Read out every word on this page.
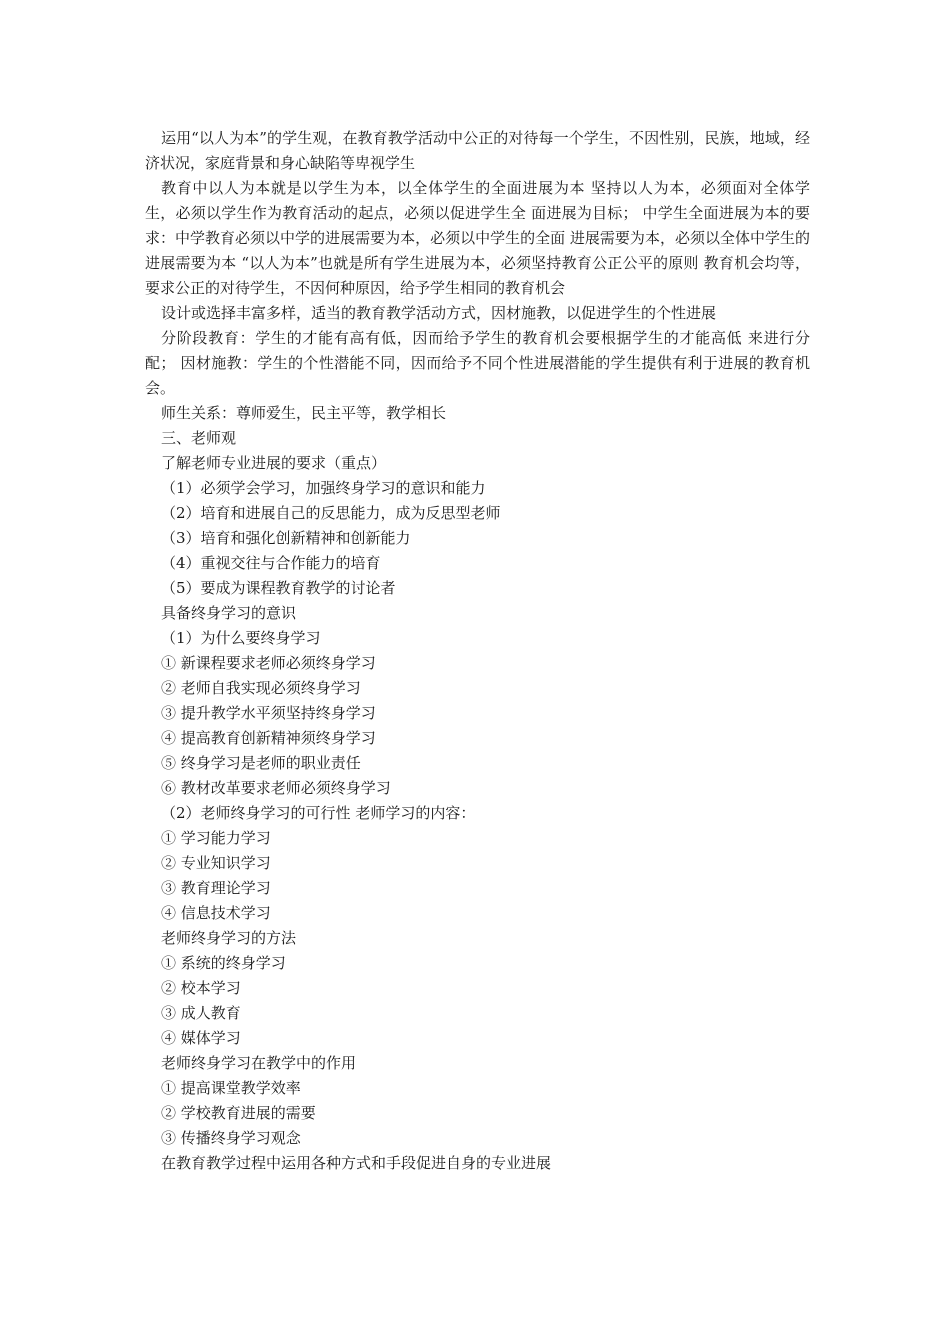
运用“以人为本”的学生观，在教育教学活动中公正的对待每一个学生，不因性别，民族，地域，经济状况，家庭背景和身心缺陷等卑视学生

教育中以人为本就是以学生为本，以全体学生的全面进展为本 坚持以人为本，必须面对全体学生，必须以学生作为教育活动的起点，必须以促进学生全 面进展为目标； 中学生全面进展为本的要求：中学教育必须以中学的进展需要为本，必须以中学生的全面 进展需要为本，必须以全体中学生的进展需要为本 “以人为本”也就是所有学生进展为本，必须坚持教育公正公平的原则 教育机会均等，要求公正的对待学生，不因何种原因，给予学生相同的教育机会

设计或选择丰富多样，适当的教育教学活动方式，因材施教，以促进学生的个性进展

分阶段教育：学生的才能有高有低，因而给予学生的教育机会要根据学生的才能高低 来进行分配； 因材施教：学生的个性潜能不同，因而给予不同个性进展潜能的学生提供有利于进展的教育机会。

师生关系：尊师爱生，民主平等，教学相长

三、老师观

了解老师专业进展的要求（重点）

（1）必须学会学习，加强终身学习的意识和能力

（2）培育和进展自己的反思能力，成为反思型老师

（3）培育和强化创新精神和创新能力

（4）重视交往与合作能力的培育

（5）要成为课程教育教学的讨论者

具备终身学习的意识

（1）为什么要终身学习

① 新课程要求老师必须终身学习

② 老师自我实现必须终身学习

③ 提升教学水平须坚持终身学习

④ 提高教育创新精神须终身学习

⑤ 终身学习是老师的职业责任

⑥ 教材改革要求老师必须终身学习

（2）老师终身学习的可行性 老师学习的内容：

① 学习能力学习

② 专业知识学习

③ 教育理论学习

④ 信息技术学习

老师终身学习的方法

① 系统的终身学习

② 校本学习

③ 成人教育

④ 媒体学习

老师终身学习在教学中的作用

① 提高课堂教学效率

② 学校教育进展的需要

③ 传播终身学习观念

在教育教学过程中运用各种方式和手段促进自身的专业进展
